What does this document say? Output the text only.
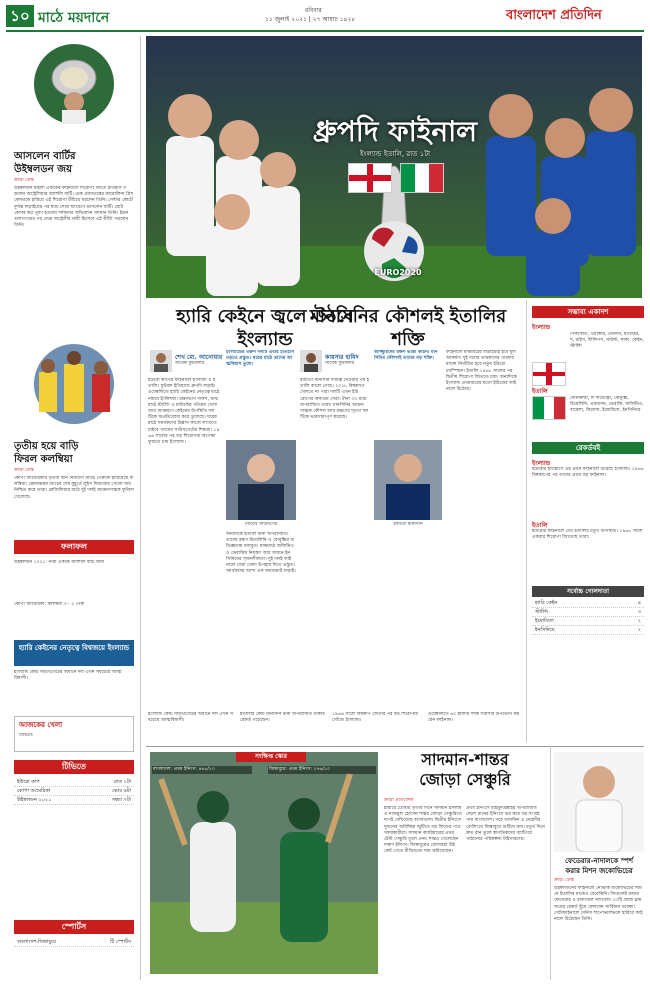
১০ মাঠে ময়দানে	রবিবার
১১ জুলাই ২০২১ | ২৭ আষাঢ় ১৪২৮	বাংলাদেশ প্রতিদিন
আসলেন বার্টির
উইম্বলডন জয়
ক্রীড়া ডেস্ক
উইম্বলডন মহিলা এককের ফাইনালে শিরোপা জিতে ইতিহাস গড়লেন অস্ট্রেলিয়ার অ্যাশলি বার্টি। চেক প্রজাতন্ত্রের কারোলিনা প্লিসকোভাকে হারিয়ে এই শিরোপা উঁচিয়ে ধরলেন তিনি। সেন্টার কোর্টে দুর্দান্ত লড়াইয়ের পর ম্যাচ শেষে আবেগে ভাসলেন বার্টি। ছোটবেলার স্বপ্ন পূরণ হওয়ায় দর্শকদের অভিবাদন জানান তিনি। ইভন গুলাগংয়ের পর প্রথম অস্ট্রেলীয় নারী হিসেবে এই কীর্তি গড়লেন তিনি।
তৃতীয় হয়ে বাড়ি
ফিরল কলম্বিয়া
ক্রীড়া ডেস্ক
কোপা আমেরিকার তৃতীয় স্থান নির্ধারণী ম্যাচে পেরুকে হারিয়েছে কলম্বিয়া। রোমাঞ্চকর ম্যাচের শেষ মুহূর্তে লুইস দিয়াজের গোলে জয় নিশ্চিত করে তারা। ব্রাজিলিয়ার মাঠে দুই দলই আক্রমণাত্মক ফুটবল খেলেছে।
ফলাফল
উইম্বলডন ২০২১: নারী এককে অ্যাশলি বার্টি জয়ী
কোপা আমেরিকা: কলম্বিয়া ৩ - ২ পেরু
হ্যারি কেইনের নেতৃত্বে বিশ্বজয়ে ইংল্যান্ড
ইংল্যান্ড কোচ সাউথগেটের অধীনে দল এখন সবচেয়ে আত্মবিশ্বাসী।
আজকের খেলা
টিভিতে
টিভিতে
ইউরো কাপ	রাত ১টা
কোপা আমেরিকা	ভোর ৬টা
উইম্বলডন ২০২১	সন্ধ্যা ৭টা
স্পোর্টস
বাংলাদেশ-জিম্বাবুয়ে	টি স্পোর্টস
ধ্রুপদি ফাইনাল
ইংল্যান্ড ইতালি, রাত ১টা
EURO2020
হ্যারি কেইনে জ্বলে উঠবে ইংল্যান্ড
মানসিনির কৌশলই ইতালির শক্তি
শেখ মো. আনোয়ার
সাবেক ফুটবলার
ইউরো কাপের ফাইনালে ইংল্যান্ড ও ইতালি। ফুটবল ইতিহাসে ধ্রুপদি লড়াই। ওয়েম্বলিতে হ্যারি কেইনের নেতৃত্বে মাঠে নামবে ইংলিশরা। রক্ষণভাগ দারুণ, মাঝমাঠে স্টার্লিং ও মাউন্টের গতিময় খেলা আর আক্রমণে কেইনের উপস্থিতি দলটিকে অপ্রতিরোধ্য করে তুলেছে। ঘরের মাঠে সমর্থকদের উল্লাস কাজে লাগাতে চাইবে গ্যারেথ সাউথগেটের শিষ্যরা। ১৯৬৬ সালের পর বড় শিরোপার অপেক্ষা ফুরাতে চায় ইংল্যান্ড।
ইংল্যান্ডের তরুণ দলটি এবার ইতিহাস গড়তে প্রস্তুত। ঘরের মাঠে তাদের আত্মবিশ্বাস তুঙ্গে।
গ্যারেথ সাউথগেট
অন্যদিকে ইতালি টানা অপরাজিত। তাদের রক্ষণ চিয়েলিনি ও বোনুচ্চির অভিজ্ঞতায় মজবুত। মাঝমাঠে জর্জিনিও ও ভেরাত্তির নিয়ন্ত্রণ আর সামনে ইনসিনিয়ের সৃজনশীলতা। দুই দলই ফাইনালে সেরা খেলা উপহার দিতে প্রস্তুত। সমর্থকদের আশা এক জমজমাট লড়াই।
কায়সার হামিদ
সাবেক ফুটবলার
রবার্তো মানসিনি দায়িত্ব নেওয়ার পর ইতালি বদলে গেছে। ২০১৮ বিশ্বকাপে খেলতে না পারা দলটি এখন ইউরোপের অন্যতম সেরা। টানা ৩৩ ম্যাচ অপরাজিত তারা। মানসিনির আক্রমণাত্মক কৌশল আর রক্ষণের দৃঢ়তা দলটিকে ভারসাম্যপূর্ণ করেছে।
আজ্জুরিদের রক্ষণ ভাঙা কঠিন। মানসিনির কৌশলই তাদের বড় শক্তি।
রবার্তো মানসিনি
ফাইনালে মাঝমাঠের লড়াইটাই হবে মূল আকর্ষণ। দুই দলের তারকাদের পারফরম্যান্সে নির্ধারিত হবে নতুন ইউরো চ্যাম্পিয়ন। ইতালি ১৯৬৮ সালের পর দ্বিতীয় শিরোপা জিততে চায়। অন্যদিকে ইংল্যান্ড প্রথমবারের মতো ইউরোর ফাইনালে উঠেছে।
ইংল্যান্ড কোচ সাউথগেটের অধীনে দল এখন সবচেয়ে আত্মবিশ্বাসী।
ইতালির কোচ মানসিনি টানা অপরাজিত থাকার রেকর্ড গড়েছেন।
১৯৬৬ সালে বিশ্বকাপ জেতার পর বড় শিরোপার খোঁজে ইংল্যান্ড।
ওয়েম্বলিতে ৬০ হাজার দর্শক সরাসরি উপভোগ করবেন ফাইনাল।
সম্ভাব্য একাদশ
ইংল্যান্ড
পিকফোর্ড, ওয়াকার, স্টোনস, ম্যাগুইর, শ, রাইস, ফিলিপস, মাউন্ট, সাকা, কেইন, স্টার্লিং
ইতালি
দোনারুম্মা, দি লরেঞ্জো, বোনুচ্চি, চিয়েলিনি, এমারসন, ভেরাত্তি, জর্জিনিও, বারেলা, কিয়েসা, ইমোবিলে, ইনসিনিয়ে
রেকর্ডবই
ইংল্যান্ড
ইউরোর ইতিহাসে এই প্রথম ফাইনালে উঠেছে ইংল্যান্ড। ১৯৬৬ বিশ্বকাপের পর তাদের প্রথম বড় ফাইনাল।
ইতালি
ইউরোর ফাইনালে এটি ইতালির চতুর্থ উপস্থিতি। ১৯৬৮ সালে একবার শিরোপা জিতেছে তারা।
সর্বোচ্চ গোলদাতা
হ্যারি কেইন	৪
স্টার্লিং	৩
ইমোবিলে	২
ইনসিনিয়ে	২
সংক্ষিপ্ত স্কোর
বাংলাদেশ: প্রথম ইনিংস: ৪৬৮/১০	জিম্বাবুয়ে: প্রথম ইনিংস: ২৭৬/১০
সাদমান-শান্তর
জোড়া সেঞ্চুরি
ক্রীড়া প্রতিবেদক
হারারে টেস্টের তৃতীয় দিনে সাদমান ইসলাম ও নাজমুল হোসেন শান্তর জোড়া সেঞ্চুরিতে দাপট দেখিয়েছে বাংলাদেশ। দ্বিতীয় ইনিংসে দুজনের অবিচ্ছিন্ন জুটিতে বড় লিডের পথে সফরকারীরা। সাদমান ক্যারিয়ারের প্রথম টেস্ট সেঞ্চুরি তুলে নেন। শান্তও খেলেছেন দারুণ ইনিংস। জিম্বাবুয়ের বোলাররা উইকেট পেতে রীতিমতো ঘাম ঝরিয়েছেন।
প্রথম ইনিংসে মাহমুদউল্লাহর অপরাজিত দেড়শ রানের ইনিংসে ভর করে বড় সংগ্রহ পায় বাংলাদেশ। পরে তাসকিন ও মেহেদীর বোলিংয়ে জিম্বাবুয়ে গুটিয়ে যায়। চতুর্থ দিনে দ্রুত রান তুলে স্বাগতিকদের ব্যাটিংয়ে পাঠানোর পরিকল্পনা টাইগারদের।
ফেডেরার-নাদালকে স্পর্শ
করার মিশন জকোভিচের
ক্রীড়া ডেস্ক
উইম্বলডনের ফাইনালে নোভাক জকোভিচের সামনে ইতালির মাত্তেও বেরেত্তিনি। জিতলেই রজার ফেডেরার ও রাফায়েল নাদালের ২০টি গ্র্যান্ড স্লাম জয়ের রেকর্ড ছুঁয়ে ফেলবেন সার্বিয়ান তারকা। সেমিফাইনালে দেনিস শাপোভালভকে হারিয়ে ফাইনালে উঠেছেন তিনি।
